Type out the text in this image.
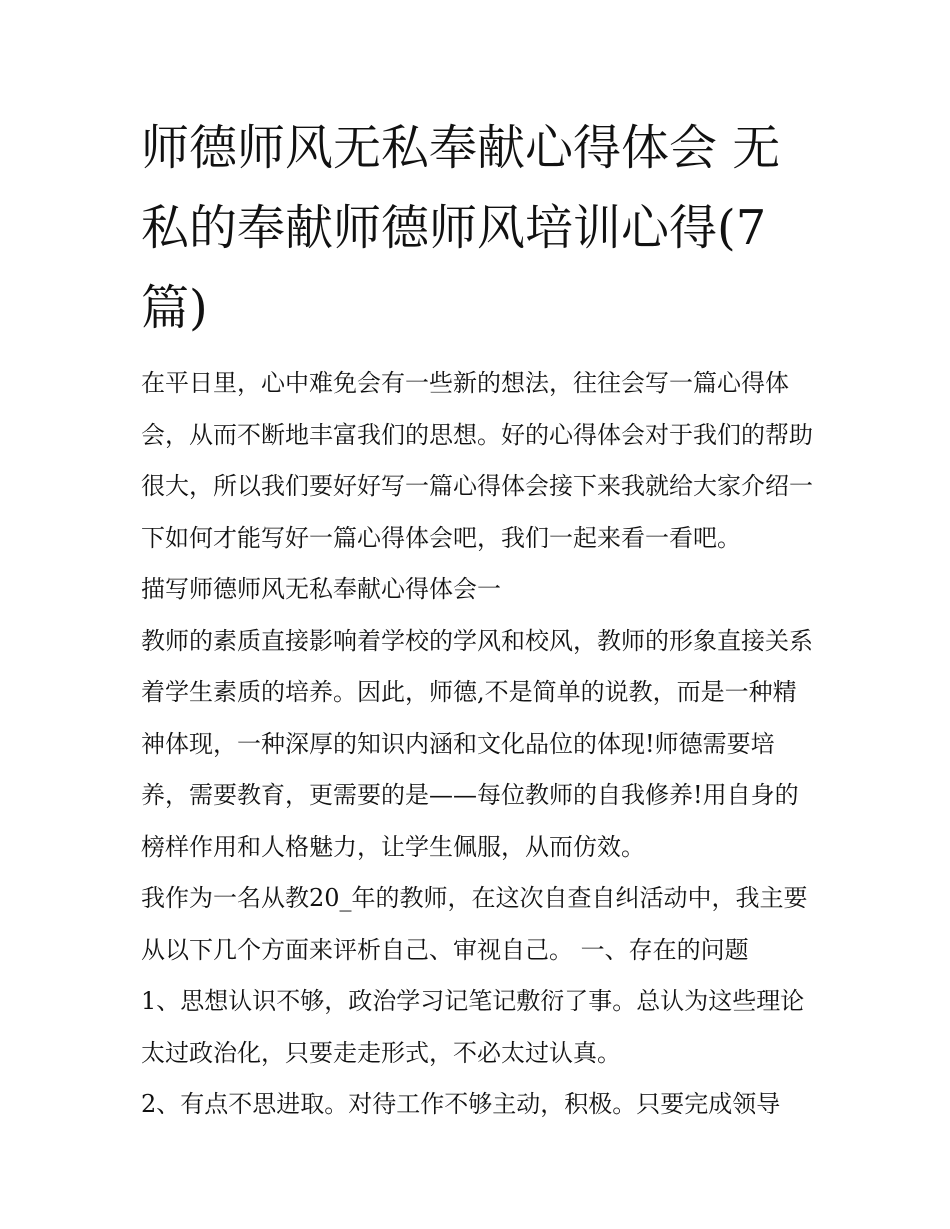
师德师风无私奉献心得体会 无私的奉献师德师风培训心得(7篇)

在平日里，心中难免会有一些新的想法，往往会写一篇心得体会，从而不断地丰富我们的思想。好的心得体会对于我们的帮助很大，所以我们要好好写一篇心得体会接下来我就给大家介绍一下如何才能写好一篇心得体会吧，我们一起来看一看吧。

描写师德师风无私奉献心得体会一

教师的素质直接影响着学校的学风和校风，教师的形象直接关系着学生素质的培养。因此，师德,不是简单的说教，而是一种精神体现，一种深厚的知识内涵和文化品位的体现!师德需要培养，需要教育，更需要的是——每位教师的自我修养!用自身的榜样作用和人格魅力，让学生佩服，从而仿效。

我作为一名从教20_年的教师，在这次自查自纠活动中，我主要从以下几个方面来评析自己、审视自己。 一、存在的问题

1、思想认识不够，政治学习记笔记敷衍了事。总认为这些理论太过政治化，只要走走形式，不必太过认真。

2、有点不思进取。对待工作不够主动，积极。只要完成领导
